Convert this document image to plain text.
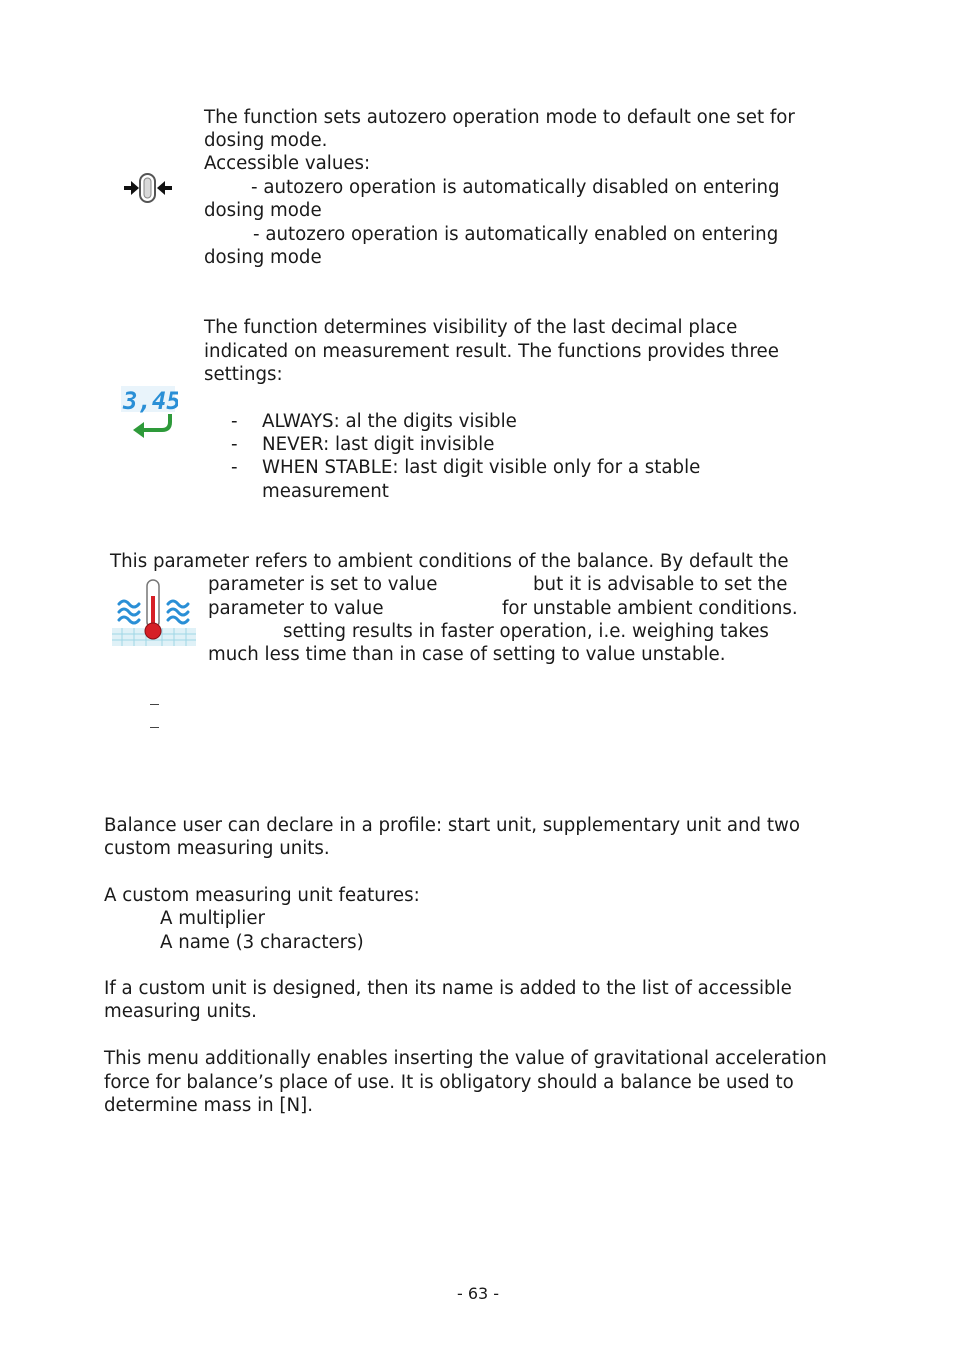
The function sets autozero operation mode to default one set for
dosing mode.
Accessible values:
- autozero operation is automatically disabled on entering
dosing mode
- autozero operation is automatically enabled on entering
dosing mode
3,45
The function determines visibility of the last decimal place
indicated on measurement result. The functions provides three
settings:
- ALWAYS: al the digits visible
- NEVER: last digit invisible
- WHEN STABLE: last digit visible only for a stable
measurement
This parameter refers to ambient conditions of the balance. By default the
parameter is set to value	but it is advisable to set the
parameter to value	for unstable ambient conditions.
setting results in faster operation, i.e. weighing takes
much less time than in case of setting to value unstable.
Balance user can declare in a profile: start unit, supplementary unit and two
custom measuring units.
A custom measuring unit features:
A multiplier
A name (3 characters)
If a custom unit is designed, then its name is added to the list of accessible
measuring units.
This menu additionally enables inserting the value of gravitational acceleration
force for balance’s place of use. It is obligatory should a balance be used to
determine mass in [N].
- 63 -
